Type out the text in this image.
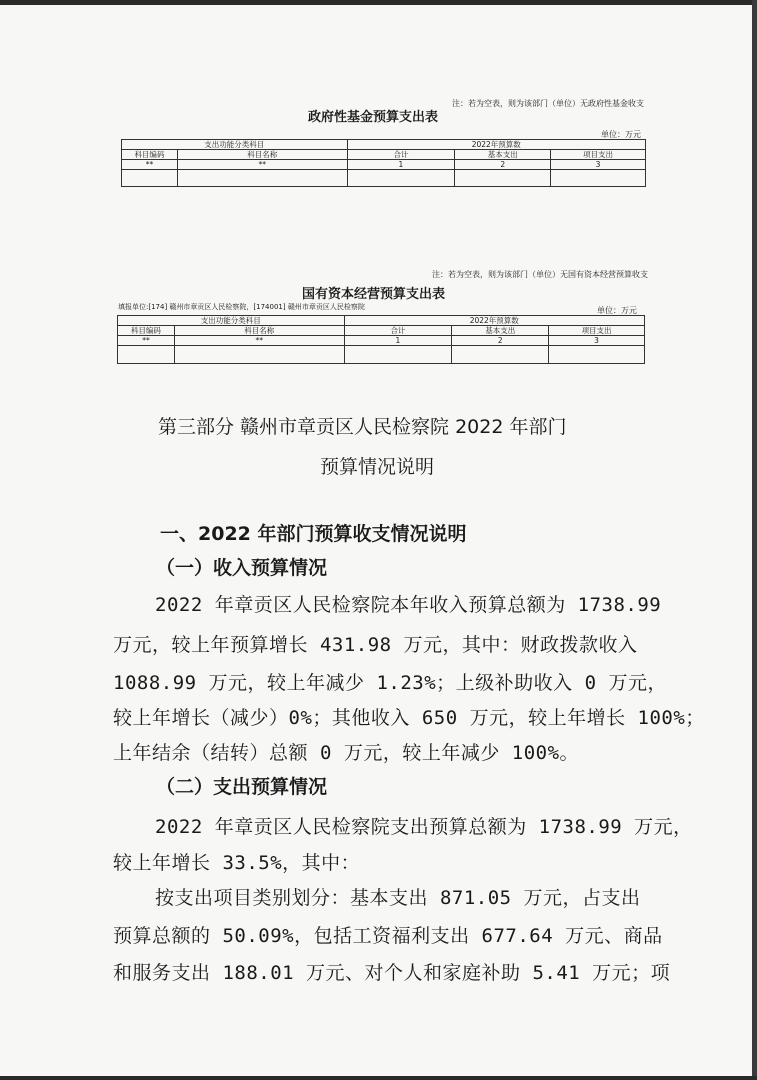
注：若为空表，则为该部门（单位）无政府性基金收支
政府性基金预算支出表
单位：万元
支出功能分类科目		2022年预算数		
科目编码	科目名称	合计	基本支出	项目支出
**	**	1	2	3

注：若为空表，则为该部门（单位）无国有资本经营预算收支
国有资本经营预算支出表
填报单位:[174] 赣州市章贡区人民检察院，[174001] 赣州市章贡区人民检察院	单位：万元
支出功能分类科目		2022年预算数		
科目编码	科目名称	合计	基本支出	项目支出
**	**	1	2	3

第三部分 赣州市章贡区人民检察院 2022 年部门
预算情况说明
一、2022 年部门预算收支情况说明
（一）收入预算情况
2022 年章贡区人民检察院本年收入预算总额为 1738.99
万元，较上年预算增长 431.98 万元，其中：财政拨款收入
1088.99 万元，较上年减少 1.23%；上级补助收入 0 万元，
较上年增长（减少）0%；其他收入 650 万元，较上年增长 100%；
上年结余（结转）总额 0 万元，较上年减少 100%。
（二）支出预算情况
2022 年章贡区人民检察院支出预算总额为 1738.99 万元，
较上年增长 33.5%，其中：
按支出项目类别划分：基本支出 871.05 万元，占支出
预算总额的 50.09%，包括工资福利支出 677.64 万元、商品
和服务支出 188.01 万元、对个人和家庭补助 5.41 万元；项
